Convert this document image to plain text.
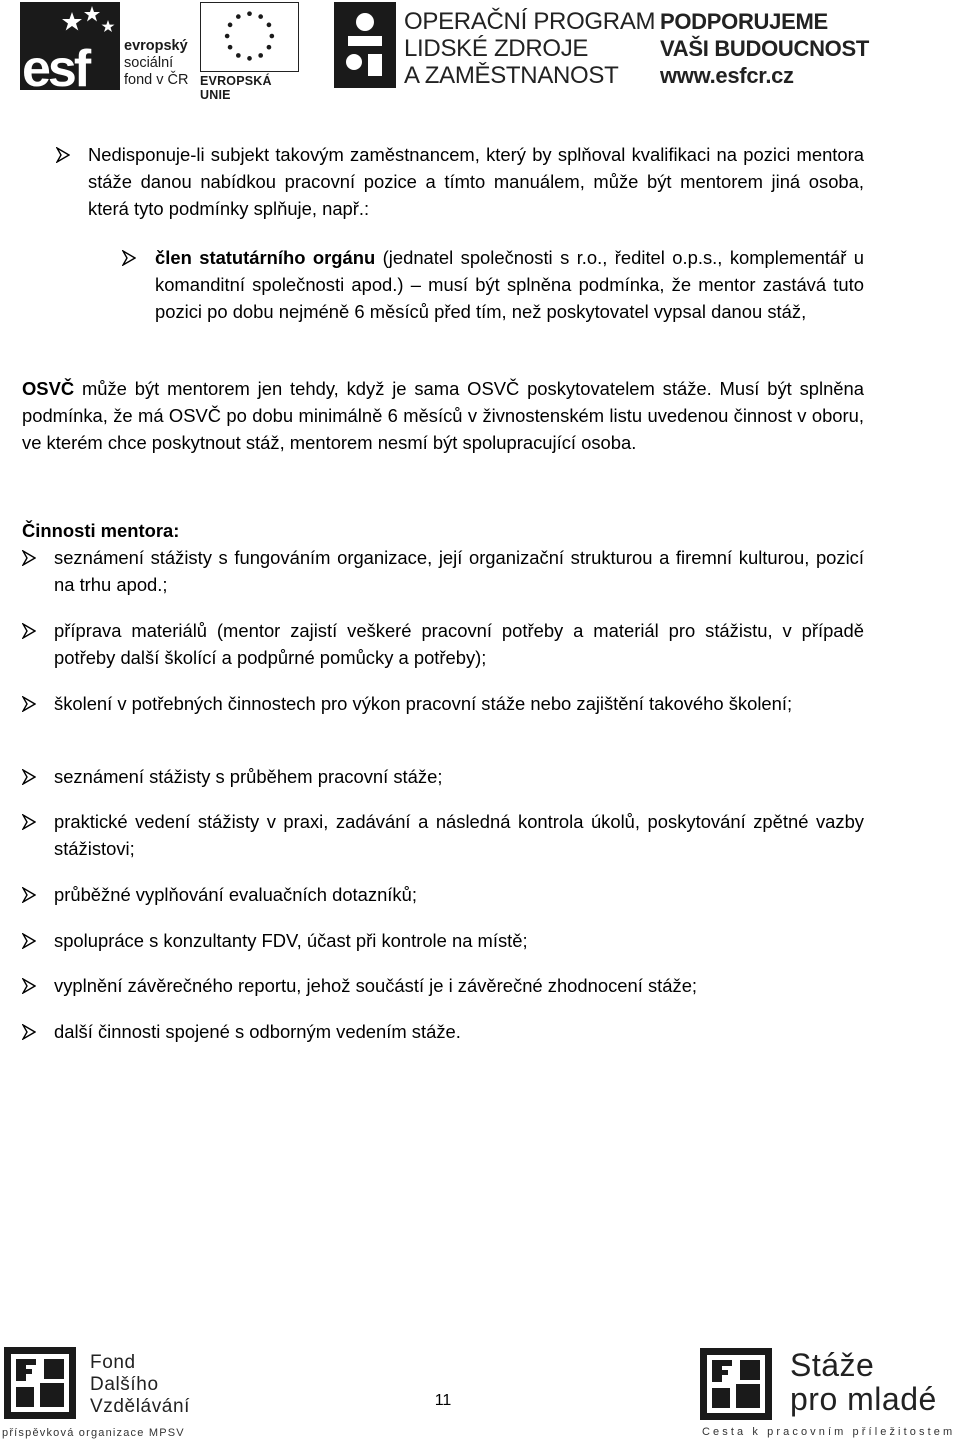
esf evropský
sociální
fond v ČR EVROPSKÁ UNIE
OPERAČNÍ PROGRAM
LIDSKÉ ZDROJE
A ZAMĚSTNANOST
PODPORUJEME
VAŠI BUDOUCNOST
www.esfcr.cz
Nedisponuje-li subjekt takovým zaměstnancem, který by splňoval kvalifikaci na pozici mentora stáže danou nabídkou pracovní pozice a tímto manuálem, může být mentorem jiná osoba, která tyto podmínky splňuje, např.:
člen statutárního orgánu (jednatel společnosti s r.o., ředitel o.p.s., komplementář u komanditní společnosti apod.) – musí být splněna podmínka, že mentor zastává tuto pozici po dobu nejméně 6 měsíců před tím, než poskytovatel vypsal danou stáž,
OSVČ může být mentorem jen tehdy, když je sama OSVČ poskytovatelem stáže. Musí být splněna podmínka, že má OSVČ po dobu minimálně 6 měsíců v živnostenském listu uvedenou činnost v oboru, ve kterém chce poskytnout stáž, mentorem nesmí být spolupracující osoba.
Činnosti mentora:
seznámení stážisty s fungováním organizace, její organizační strukturou a firemní kulturou, pozicí na trhu apod.;
příprava materiálů (mentor zajistí veškeré pracovní potřeby a materiál pro stážistu, v případě potřeby další školící a podpůrné pomůcky a potřeby);
školení v potřebných činnostech pro výkon pracovní stáže nebo zajištění takového školení;
seznámení stážisty s průběhem pracovní stáže;
praktické vedení stážisty v praxi, zadávání a následná kontrola úkolů, poskytování zpětné vazby stážistovi;
průběžné vyplňování evaluačních dotazníků;
spolupráce s konzultanty FDV, účast při kontrole na místě;
vyplnění závěrečného reportu, jehož součástí je i závěrečné zhodnocení stáže;
další činnosti spojené s odborným vedením stáže.
Fond
Dalšího
Vzdělávání
příspěvková organizace MPSV
11
Stáže
pro mladé
Cesta k pracovním příležitostem
